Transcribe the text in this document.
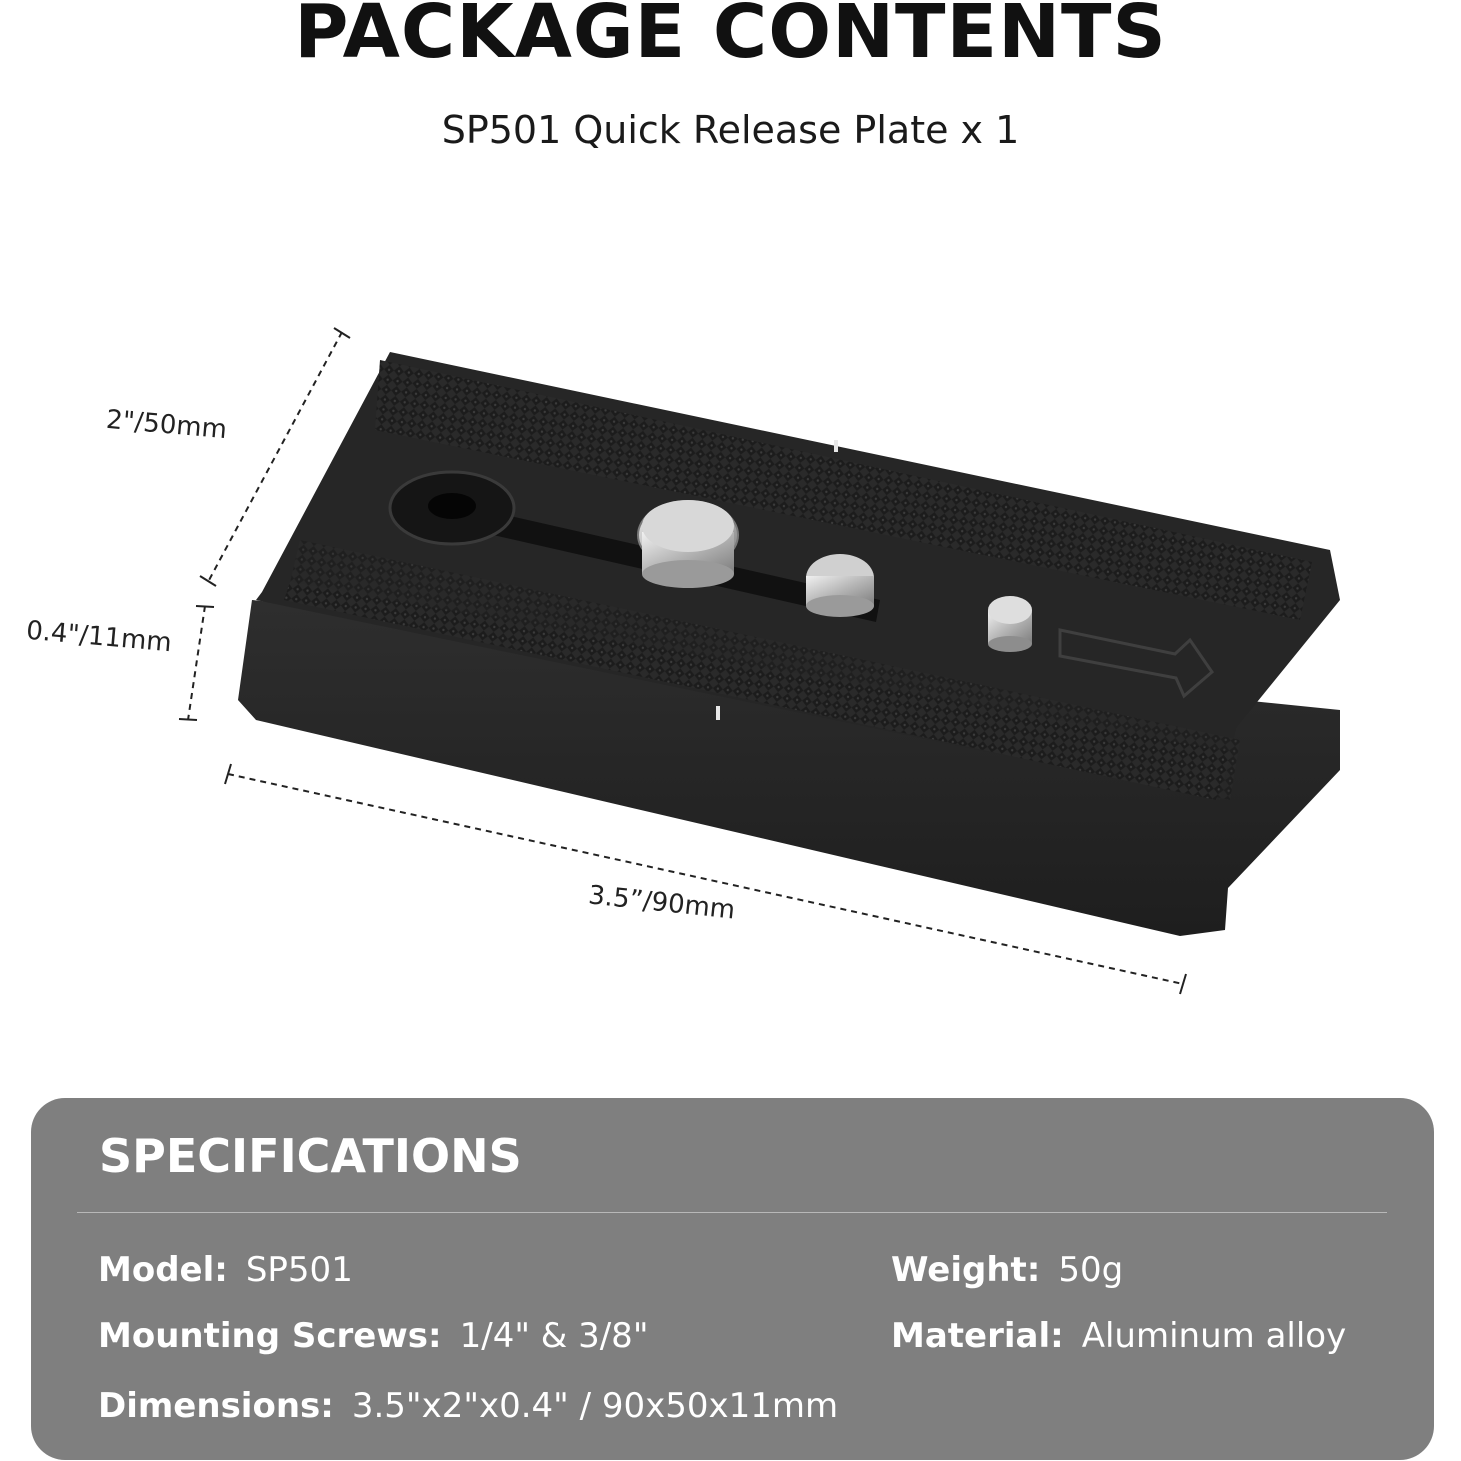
PACKAGE CONTENTS
SP501 Quick Release Plate x 1
2"/50mm
0.4"/11mm
3.5”/90mm
SPECIFICATIONS
Model: SP501	Weight: 50g
Mounting Screws: 1/4" & 3/8"	Material: Aluminum alloy
Dimensions: 3.5"x2"x0.4" / 90x50x11mm
